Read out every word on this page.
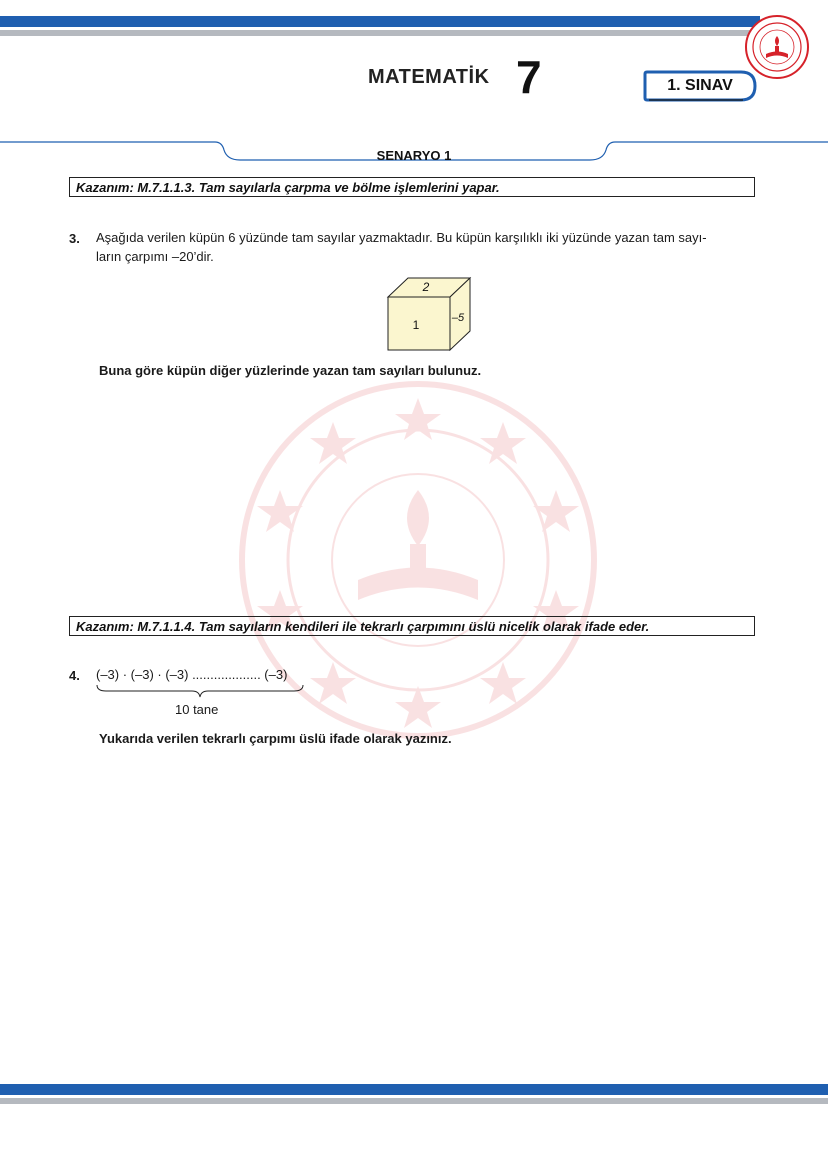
MATEMATİK 7	1. SINAV
SENARYO 1
Kazanım: M.7.1.1.3. Tam sayılarla çarpma ve bölme işlemlerini yapar.
3. Aşağıda verilen küpün 6 yüzünde tam sayılar yazmaktadır. Bu küpün karşılıklı iki yüzünde yazan tam sayı-
ların çarpımı –20’dir.
2
1	–5
Buna göre küpün diğer yüzlerinde yazan tam sayıları bulunuz.
Kazanım: M.7.1.1.4. Tam sayıların kendileri ile tekrarlı çarpımını üslü nicelik olarak ifade eder.
4. (–3) · (–3) · (–3) ................... (–3)
10 tane
Yukarıda verilen tekrarlı çarpımı üslü ifade olarak yazınız.
